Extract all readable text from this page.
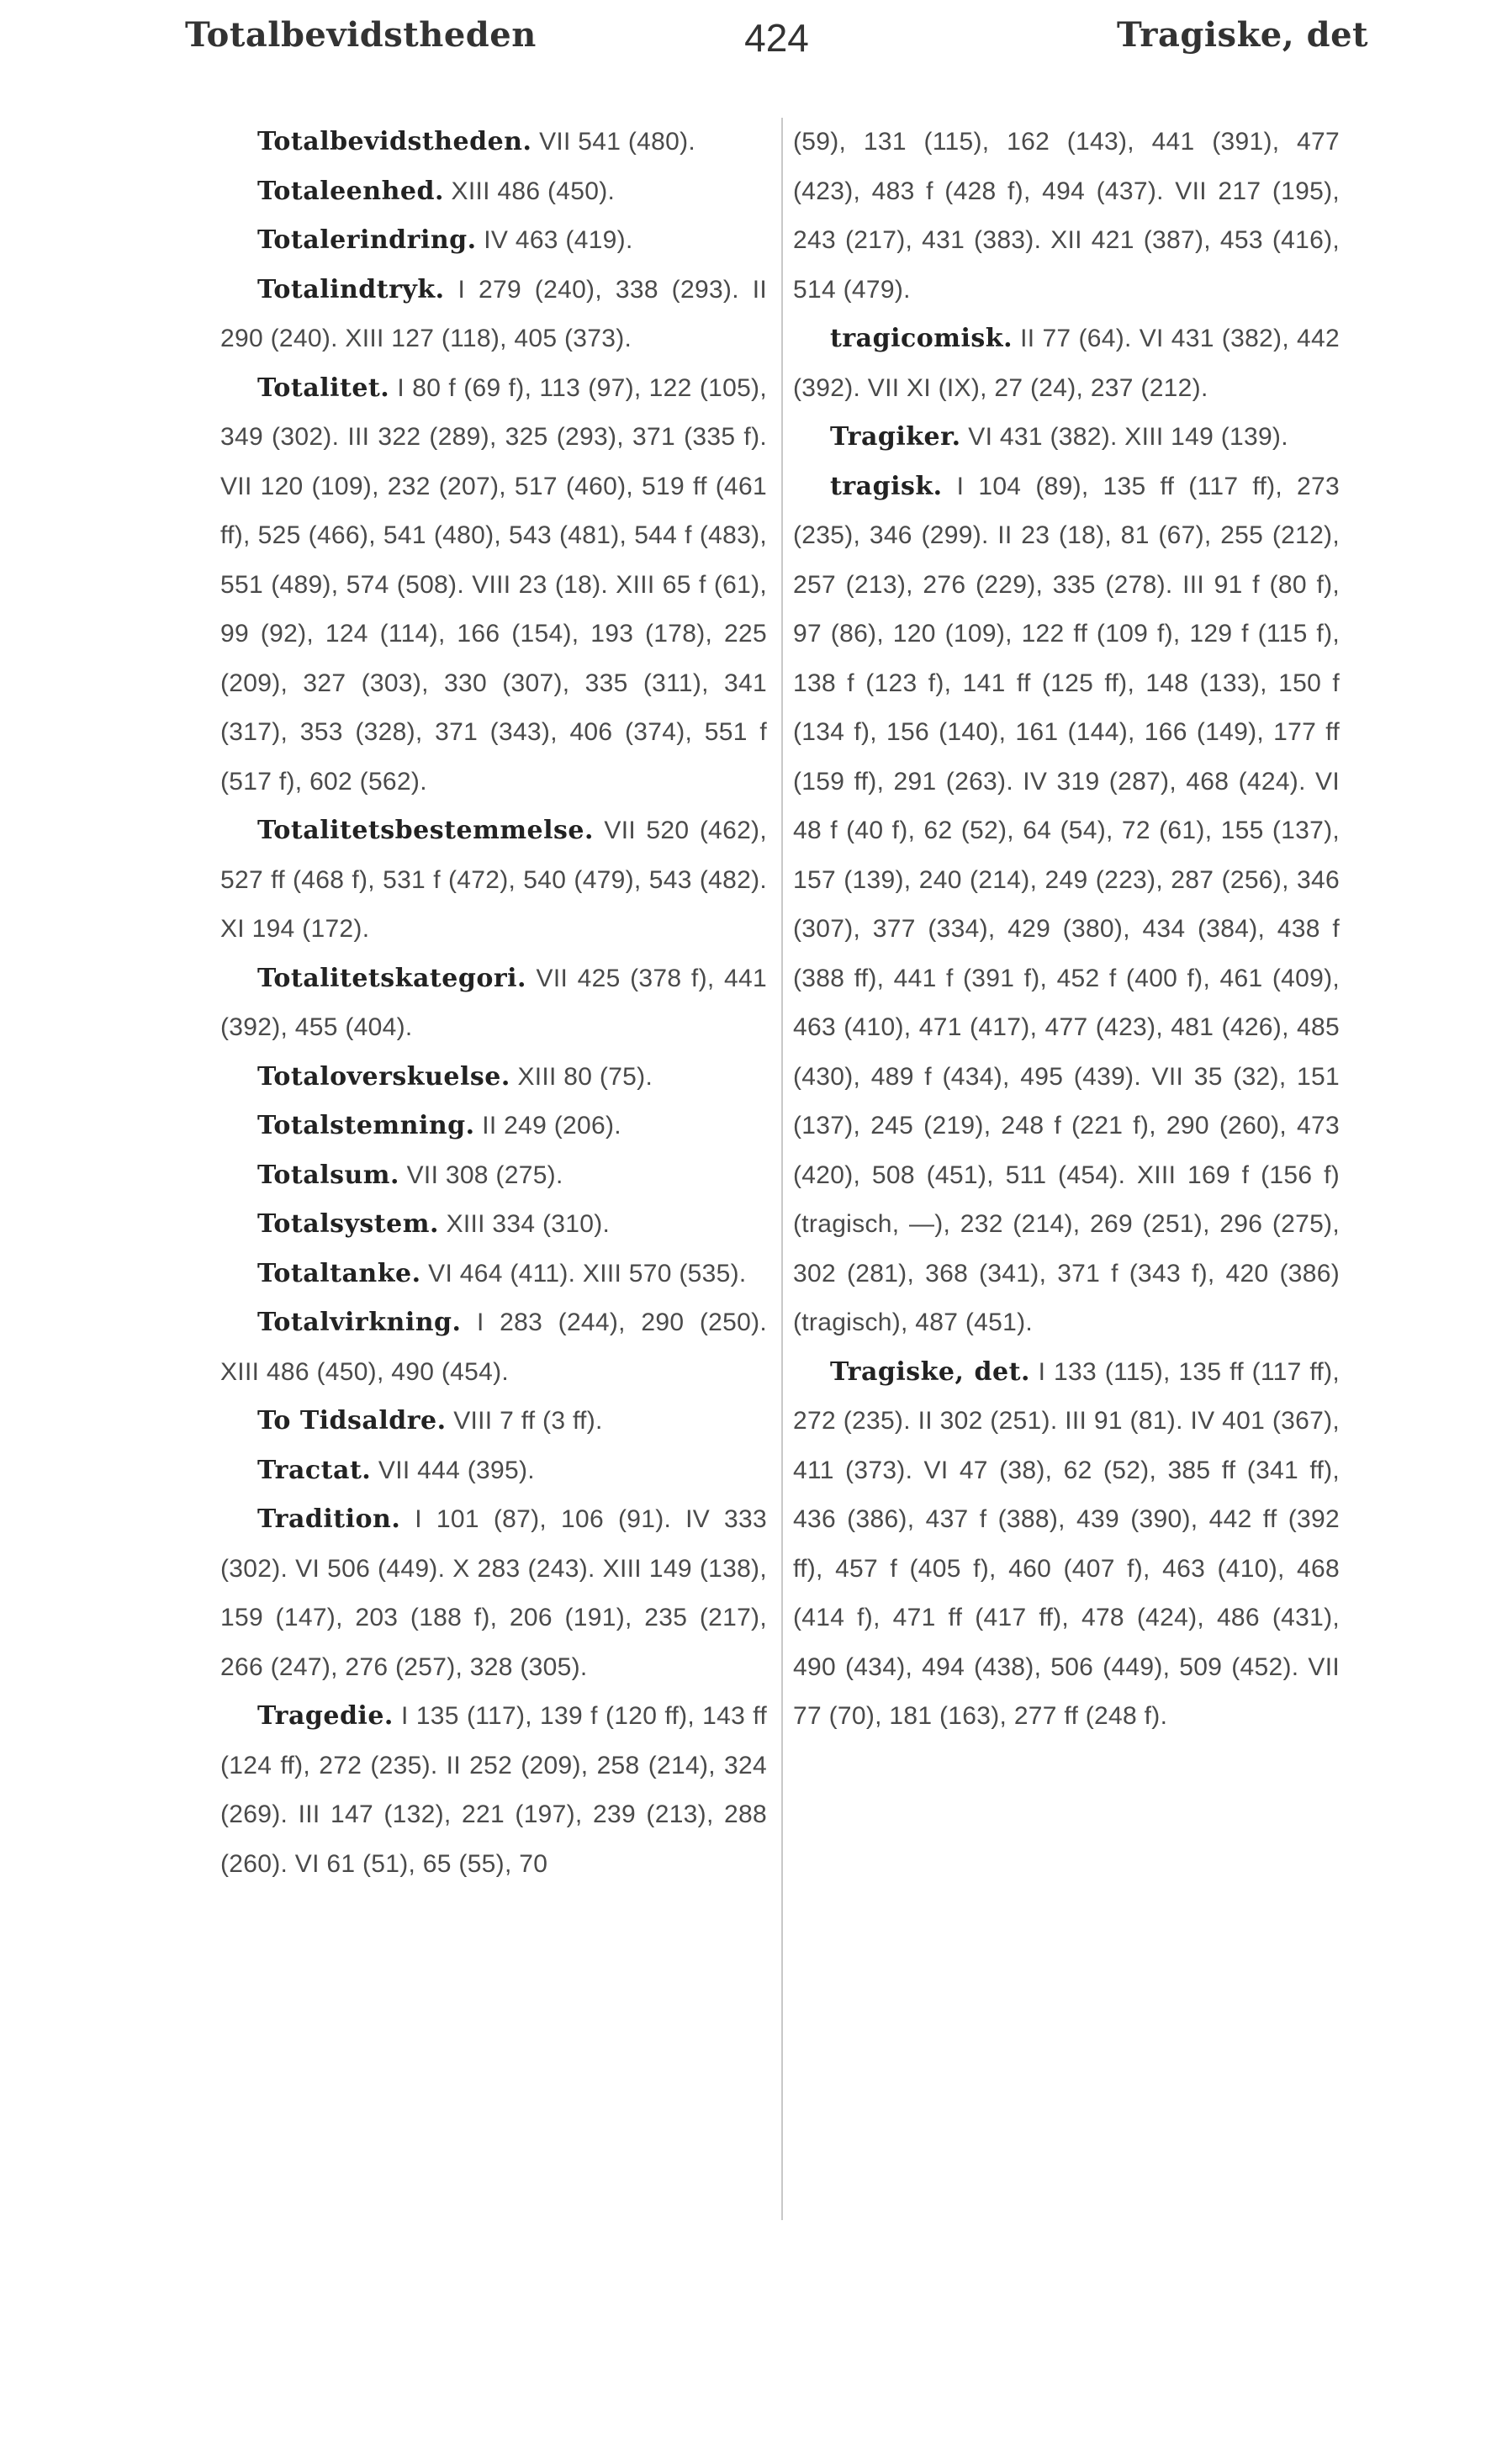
Totalbevidstheden	424	Tragiske, det

Totalbevidstheden. VII 541 (480).

Totaleenhed. XIII 486 (450).

Totalerindring. IV 463 (419).

Totalindtryk. I 279 (240), 338 (293). II 290 (240). XIII 127 (118), 405 (373).

Totalitet. I 80 f (69 f), 113 (97), 122 (105), 349 (302). III 322 (289), 325 (293), 371 (335 f). VII 120 (109), 232 (207), 517 (460), 519 ff (461 ff), 525 (466), 541 (480), 543 (481), 544 f (483), 551 (489), 574 (508). VIII 23 (18). XIII 65 f (61), 99 (92), 124 (114), 166 (154), 193 (178), 225 (209), 327 (303), 330 (307), 335 (311), 341 (317), 353 (328), 371 (343), 406 (374), 551 f (517 f), 602 (562).

Totalitetsbestemmelse. VII 520 (462), 527 ff (468 f), 531 f (472), 540 (479), 543 (482). XI 194 (172).

Totalitetskategori. VII 425 (378 f), 441 (392), 455 (404).

Totaloverskuelse. XIII 80 (75).

Totalstemning. II 249 (206).

Totalsum. VII 308 (275).

Totalsystem. XIII 334 (310).

Totaltanke. VI 464 (411). XIII 570 (535).

Totalvirkning. I 283 (244), 290 (250). XIII 486 (450), 490 (454).

To Tidsaldre. VIII 7 ff (3 ff).

Tractat. VII 444 (395).

Tradition. I 101 (87), 106 (91). IV 333 (302). VI 506 (449). X 283 (243). XIII 149 (138), 159 (147), 203 (188 f), 206 (191), 235 (217), 266 (247), 276 (257), 328 (305).

Tragedie. I 135 (117), 139 f (120 ff), 143 ff (124 ff), 272 (235). II 252 (209), 258 (214), 324 (269). III 147 (132), 221 (197), 239 (213), 288 (260). VI 61 (51), 65 (55), 70

(59), 131 (115), 162 (143), 441 (391), 477 (423), 483 f (428 f), 494 (437). VII 217 (195), 243 (217), 431 (383). XII 421 (387), 453 (416), 514 (479).

tragicomisk. II 77 (64). VI 431 (382), 442 (392). VII XI (IX), 27 (24), 237 (212).

Tragiker. VI 431 (382). XIII 149 (139).

tragisk. I 104 (89), 135 ff (117 ff), 273 (235), 346 (299). II 23 (18), 81 (67), 255 (212), 257 (213), 276 (229), 335 (278). III 91 f (80 f), 97 (86), 120 (109), 122 ff (109 f), 129 f (115 f), 138 f (123 f), 141 ff (125 ff), 148 (133), 150 f (134 f), 156 (140), 161 (144), 166 (149), 177 ff (159 ff), 291 (263). IV 319 (287), 468 (424). VI 48 f (40 f), 62 (52), 64 (54), 72 (61), 155 (137), 157 (139), 240 (214), 249 (223), 287 (256), 346 (307), 377 (334), 429 (380), 434 (384), 438 f (388 ff), 441 f (391 f), 452 f (400 f), 461 (409), 463 (410), 471 (417), 477 (423), 481 (426), 485 (430), 489 f (434), 495 (439). VII 35 (32), 151 (137), 245 (219), 248 f (221 f), 290 (260), 473 (420), 508 (451), 511 (454). XIII 169 f (156 f) (tragisch, —), 232 (214), 269 (251), 296 (275), 302 (281), 368 (341), 371 f (343 f), 420 (386) (tragisch), 487 (451).

Tragiske, det. I 133 (115), 135 ff (117 ff), 272 (235). II 302 (251). III 91 (81). IV 401 (367), 411 (373). VI 47 (38), 62 (52), 385 ff (341 ff), 436 (386), 437 f (388), 439 (390), 442 ff (392 ff), 457 f (405 f), 460 (407 f), 463 (410), 468 (414 f), 471 ff (417 ff), 478 (424), 486 (431), 490 (434), 494 (438), 506 (449), 509 (452). VII 77 (70), 181 (163), 277 ff (248 f).
